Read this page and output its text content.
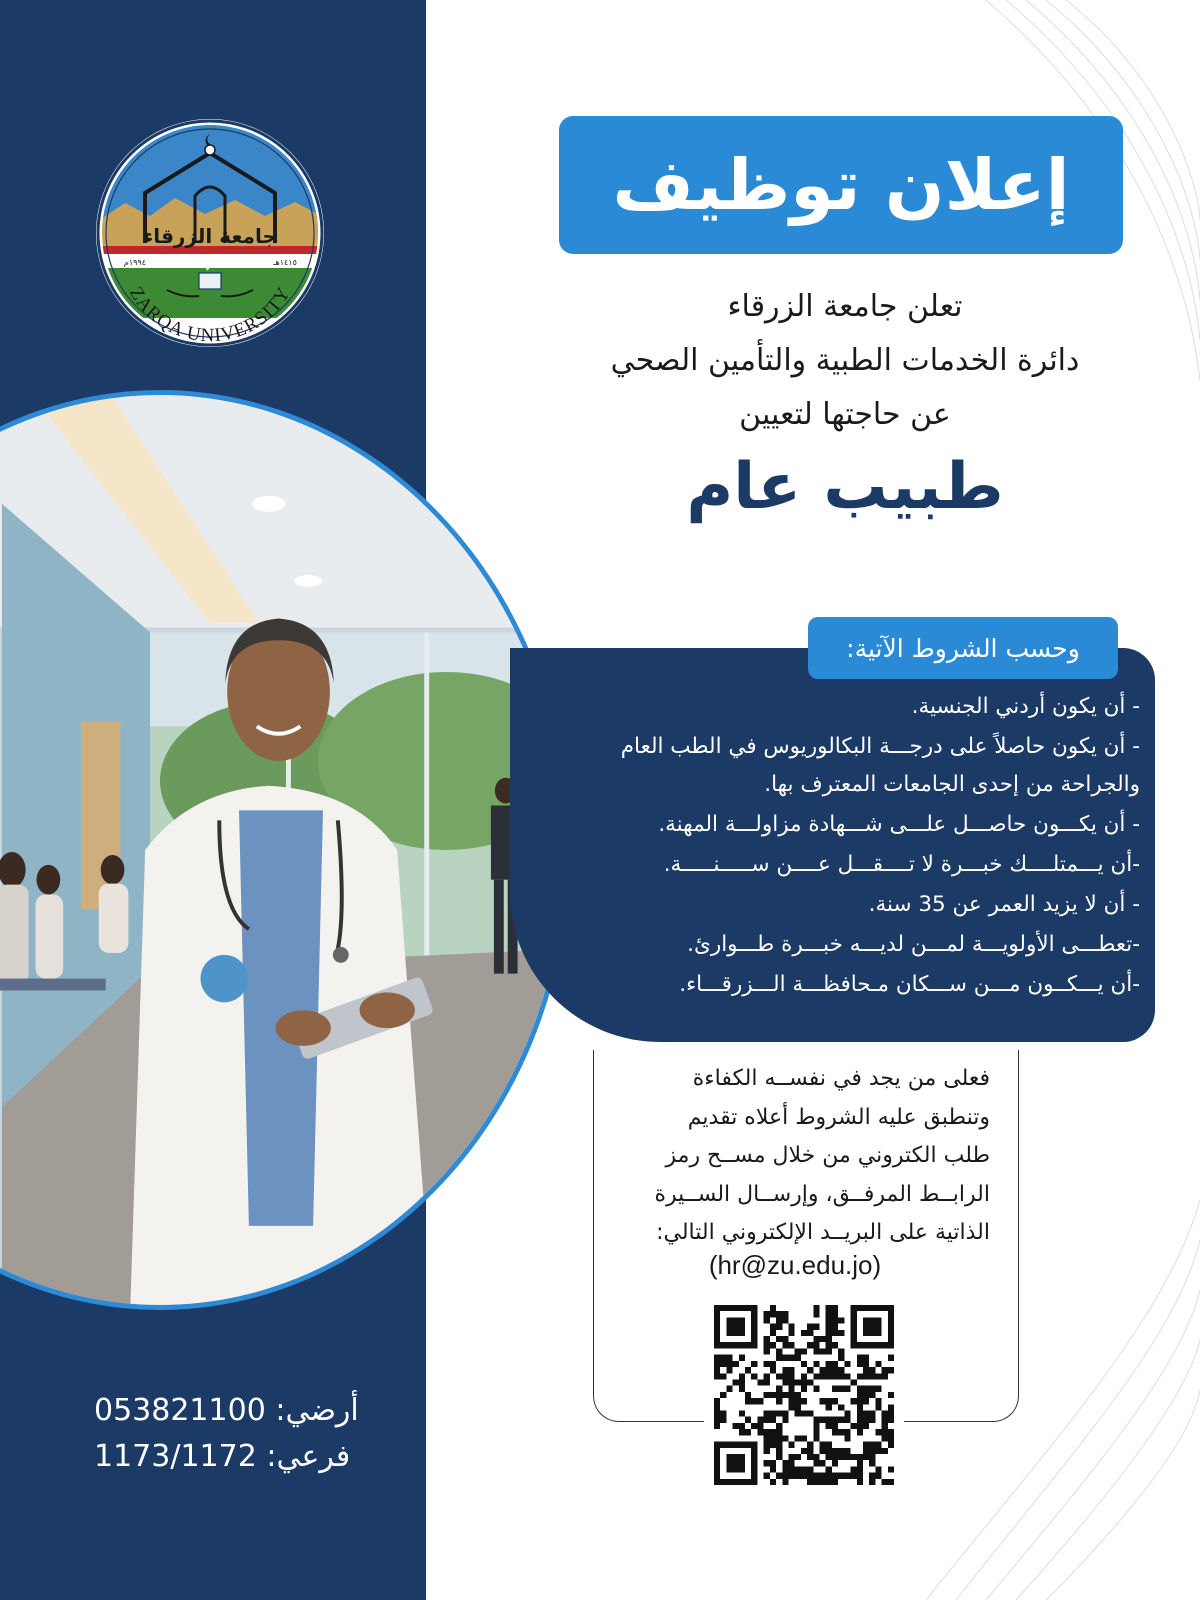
جامعة الزرقاء
١٩٩٤م	١٤١٥هـ
ZARQA UNIVERSITY
إعلان توظيف
تعلن جامعة الزرقاء
دائرة الخدمات الطبية والتأمين الصحي
عن حاجتها لتعيين
طبيب عام
وحسب الشروط الآتية:
- أن يكون أردني الجنسية.
- أن يكون حاصلاً على درجـــة البكالوريوس في الطب العام والجراحة من إحدى الجامعات المعترف بها.
- أن يكـــون حاصـــل علـــى شـــهادة مزاولـــة المهنة.
-أن يـــمتلــــك خبـــرة لا تــــقـــل عــــن ســـــنـــــة.
- أن لا يزيد العمر عن 35 سنة.
-تعطـــى الأولويـــة لمـــن لديـــه خبـــرة طـــوارئ.
-أن يـــكــون مـــن ســـكان مـحافظـــة الـــزرقـــاء.
فعلى من يجد في نفســه الكفاءة
وتنطبق عليه الشروط أعلاه تقديم
طلب الكتروني من خلال مســح رمز
الرابــط المرفــق، وإرســال الســيرة
الذاتية على البريــد الإلكتروني التالي:
(hr@zu.edu.jo)
أرضي: 053821100
فرعي: 1173/1172
